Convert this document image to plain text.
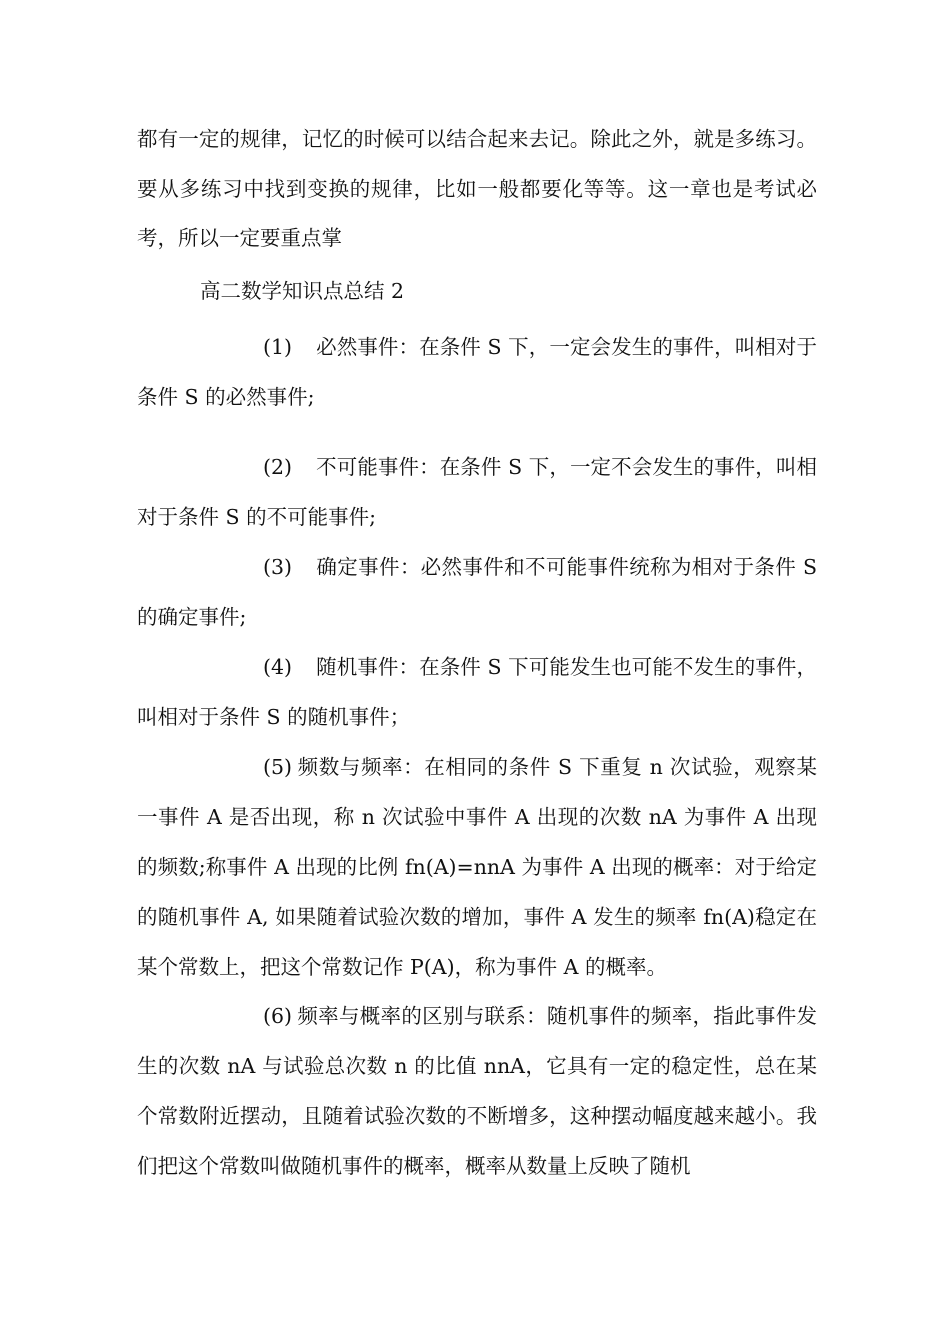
都有一定的规律，记忆的时候可以结合起来去记。除此之外，就是多练习。要从多练习中找到变换的规律，比如一般都要化等等。这一章也是考试必考，所以一定要重点掌

高二数学知识点总结 2

(1) 必然事件：在条件 S 下，一定会发生的事件，叫相对于条件 S 的必然事件;

(2) 不可能事件：在条件 S 下，一定不会发生的事件，叫相对于条件 S 的不可能事件;

(3) 确定事件：必然事件和不可能事件统称为相对于条件 S 的确定事件;

(4) 随机事件：在条件 S 下可能发生也可能不发生的事件，叫相对于条件 S 的随机事件；

(5) 频数与频率：在相同的条件 S 下重复 n 次试验，观察某一事件 A 是否出现，称 n 次试验中事件 A 出现的次数 nA 为事件 A 出现的频数;称事件 A 出现的比例 fn(A)=nnA 为事件 A 出现的概率：对于给定的随机事件 A, 如果随着试验次数的增加，事件 A 发生的频率 fn(A)稳定在某个常数上，把这个常数记作 P(A)，称为事件 A 的概率。

(6) 频率与概率的区别与联系：随机事件的频率，指此事件发生的次数 nA 与试验总次数 n 的比值 nnA，它具有一定的稳定性，总在某个常数附近摆动，且随着试验次数的不断增多，这种摆动幅度越来越小。我们把这个常数叫做随机事件的概率，概率从数量上反映了随机
